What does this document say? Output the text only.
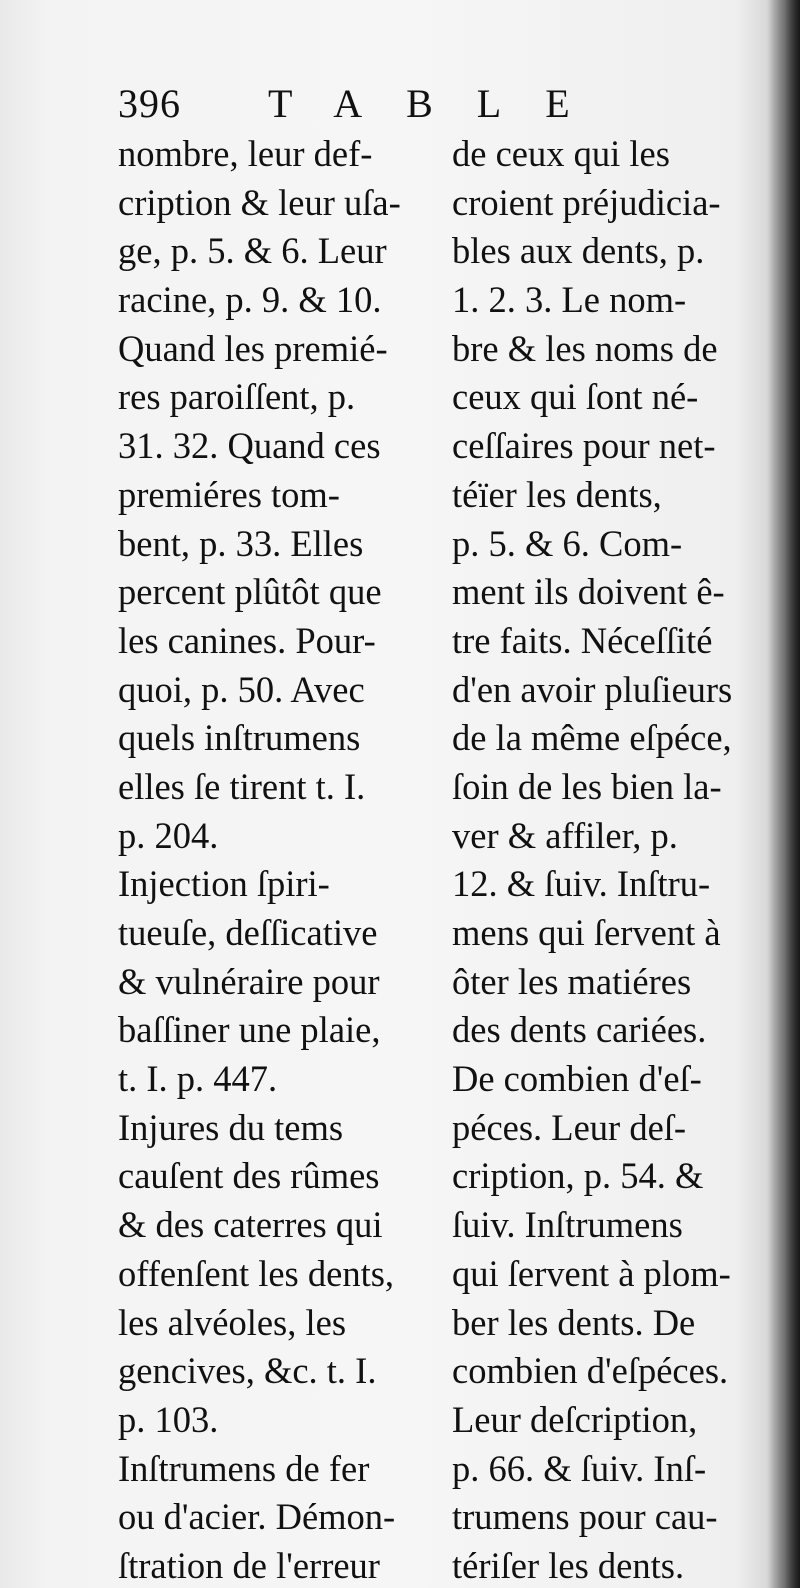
396 TABLE
nombre, leur def-
cription & leur uſa-
ge, p. 5. & 6. Leur
racine, p. 9. & 10.
Quand les premié-
res paroiſſent, p.
31. 32. Quand ces
premiéres tom-
bent, p. 33. Elles
percent plûtôt que
les canines. Pour-
quoi, p. 50. Avec
quels inſtrumens
elles ſe tirent t. I.
p. 204.
Injection ſpiri-
tueuſe, deſſicative
& vulnéraire pour
baſſiner une plaie,
t. I. p. 447.
Injures du tems
cauſent des rûmes
& des caterres qui
offenſent les dents,
les alvéoles, les
gencives, &c. t. I.
p. 103.
Inſtrumens de fer
ou d'acier. Démon-
ſtration de l'erreur
de ceux qui les
croient préjudicia-
bles aux dents, p.
1. 2. 3. Le nom-
bre & les noms de
ceux qui ſont né-
ceſſaires pour net-
téïer les dents,
p. 5. & 6. Com-
ment ils doivent ê-
tre faits. Néceſſité
d'en avoir pluſieurs
de la même eſpéce,
ſoin de les bien la-
ver & affiler, p.
12. & ſuiv. Inſtru-
mens qui ſervent à
ôter les matiéres
des dents cariées.
De combien d'eſ-
péces. Leur deſ-
cription, p. 54. &
ſuiv. Inſtrumens
qui ſervent à plom-
ber les dents. De
combien d'eſpéces.
Leur deſcription,
p. 66. & ſuiv. Inſ-
trumens pour cau-
tériſer les dents.
